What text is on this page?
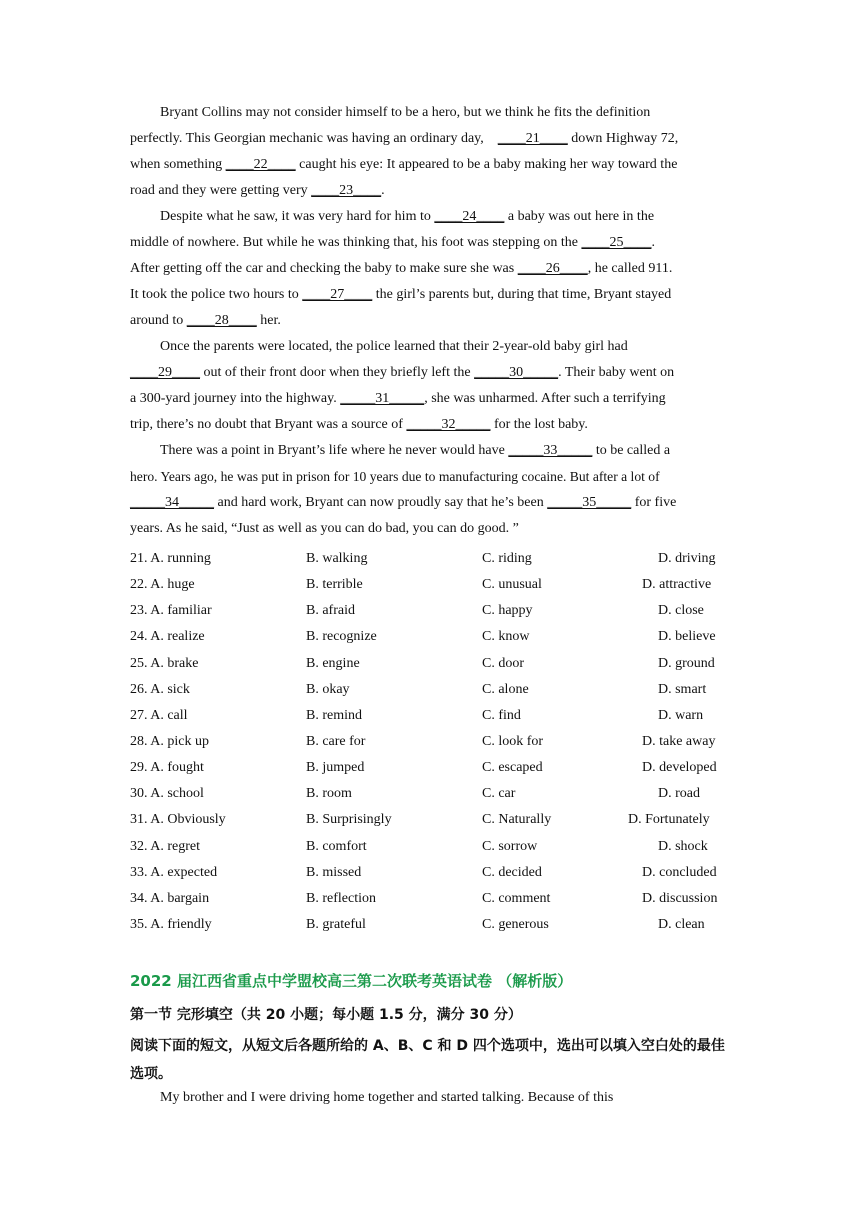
Bryant Collins may not consider himself to be a hero, but we think he fits the definition
perfectly. This Georgian mechanic was having an ordinary day, ____21____ down Highway 72,
when something ____22____ caught his eye: It appeared to be a baby making her way toward the
road and they were getting very ____23____.
Despite what he saw, it was very hard for him to ____24____ a baby was out here in the
middle of nowhere. But while he was thinking that, his foot was stepping on the ____25____.
After getting off the car and checking the baby to make sure she was ____26____, he called 911.
It took the police two hours to ____27____ the girl’s parents but, during that time, Bryant stayed
around to ____28____ her.
Once the parents were located, the police learned that their 2-year-old baby girl had
____29____ out of their front door when they briefly left the _____30_____. Their baby went on
a 300-yard journey into the highway. _____31_____, she was unharmed. After such a terrifying
trip, there’s no doubt that Bryant was a source of _____32_____ for the lost baby.
There was a point in Bryant’s life where he never would have _____33_____ to be called a
hero. Years ago, he was put in prison for 10 years due to manufacturing cocaine. But after a lot of
_____34_____ and hard work, Bryant can now proudly say that he’s been _____35_____ for five
years. As he said, “Just as well as you can do bad, you can do good. ”
21. A. running	B. walking	C. riding	D. driving
22. A. huge	B. terrible	C. unusual	D. attractive
23. A. familiar	B. afraid	C. happy	D. close
24. A. realize	B. recognize	C. know	D. believe
25. A. brake	B. engine	C. door	D. ground
26. A. sick	B. okay	C. alone	D. smart
27. A. call	B. remind	C. find	D. warn
28. A. pick up	B. care for	C. look for	D. take away
29. A. fought	B. jumped	C. escaped	D. developed
30. A. school	B. room	C. car	D. road
31. A. Obviously	B. Surprisingly	C. Naturally	D. Fortunately
32. A. regret	B. comfort	C. sorrow	D. shock
33. A. expected	B. missed	C. decided	D. concluded
34. A. bargain	B. reflection	C. comment	D. discussion
35. A. friendly	B. grateful	C. generous	D. clean
2022 届江西省重点中学盟校高三第二次联考英语试卷 （解析版）
第一节 完形填空（共 20 小题；每小题 1.5 分，满分 30 分）
阅读下面的短文，从短文后各题所给的 A、B、C 和 D 四个选项中，选出可以填入空白处的最佳选项。
My brother and I were driving home together and started talking. Because of this
